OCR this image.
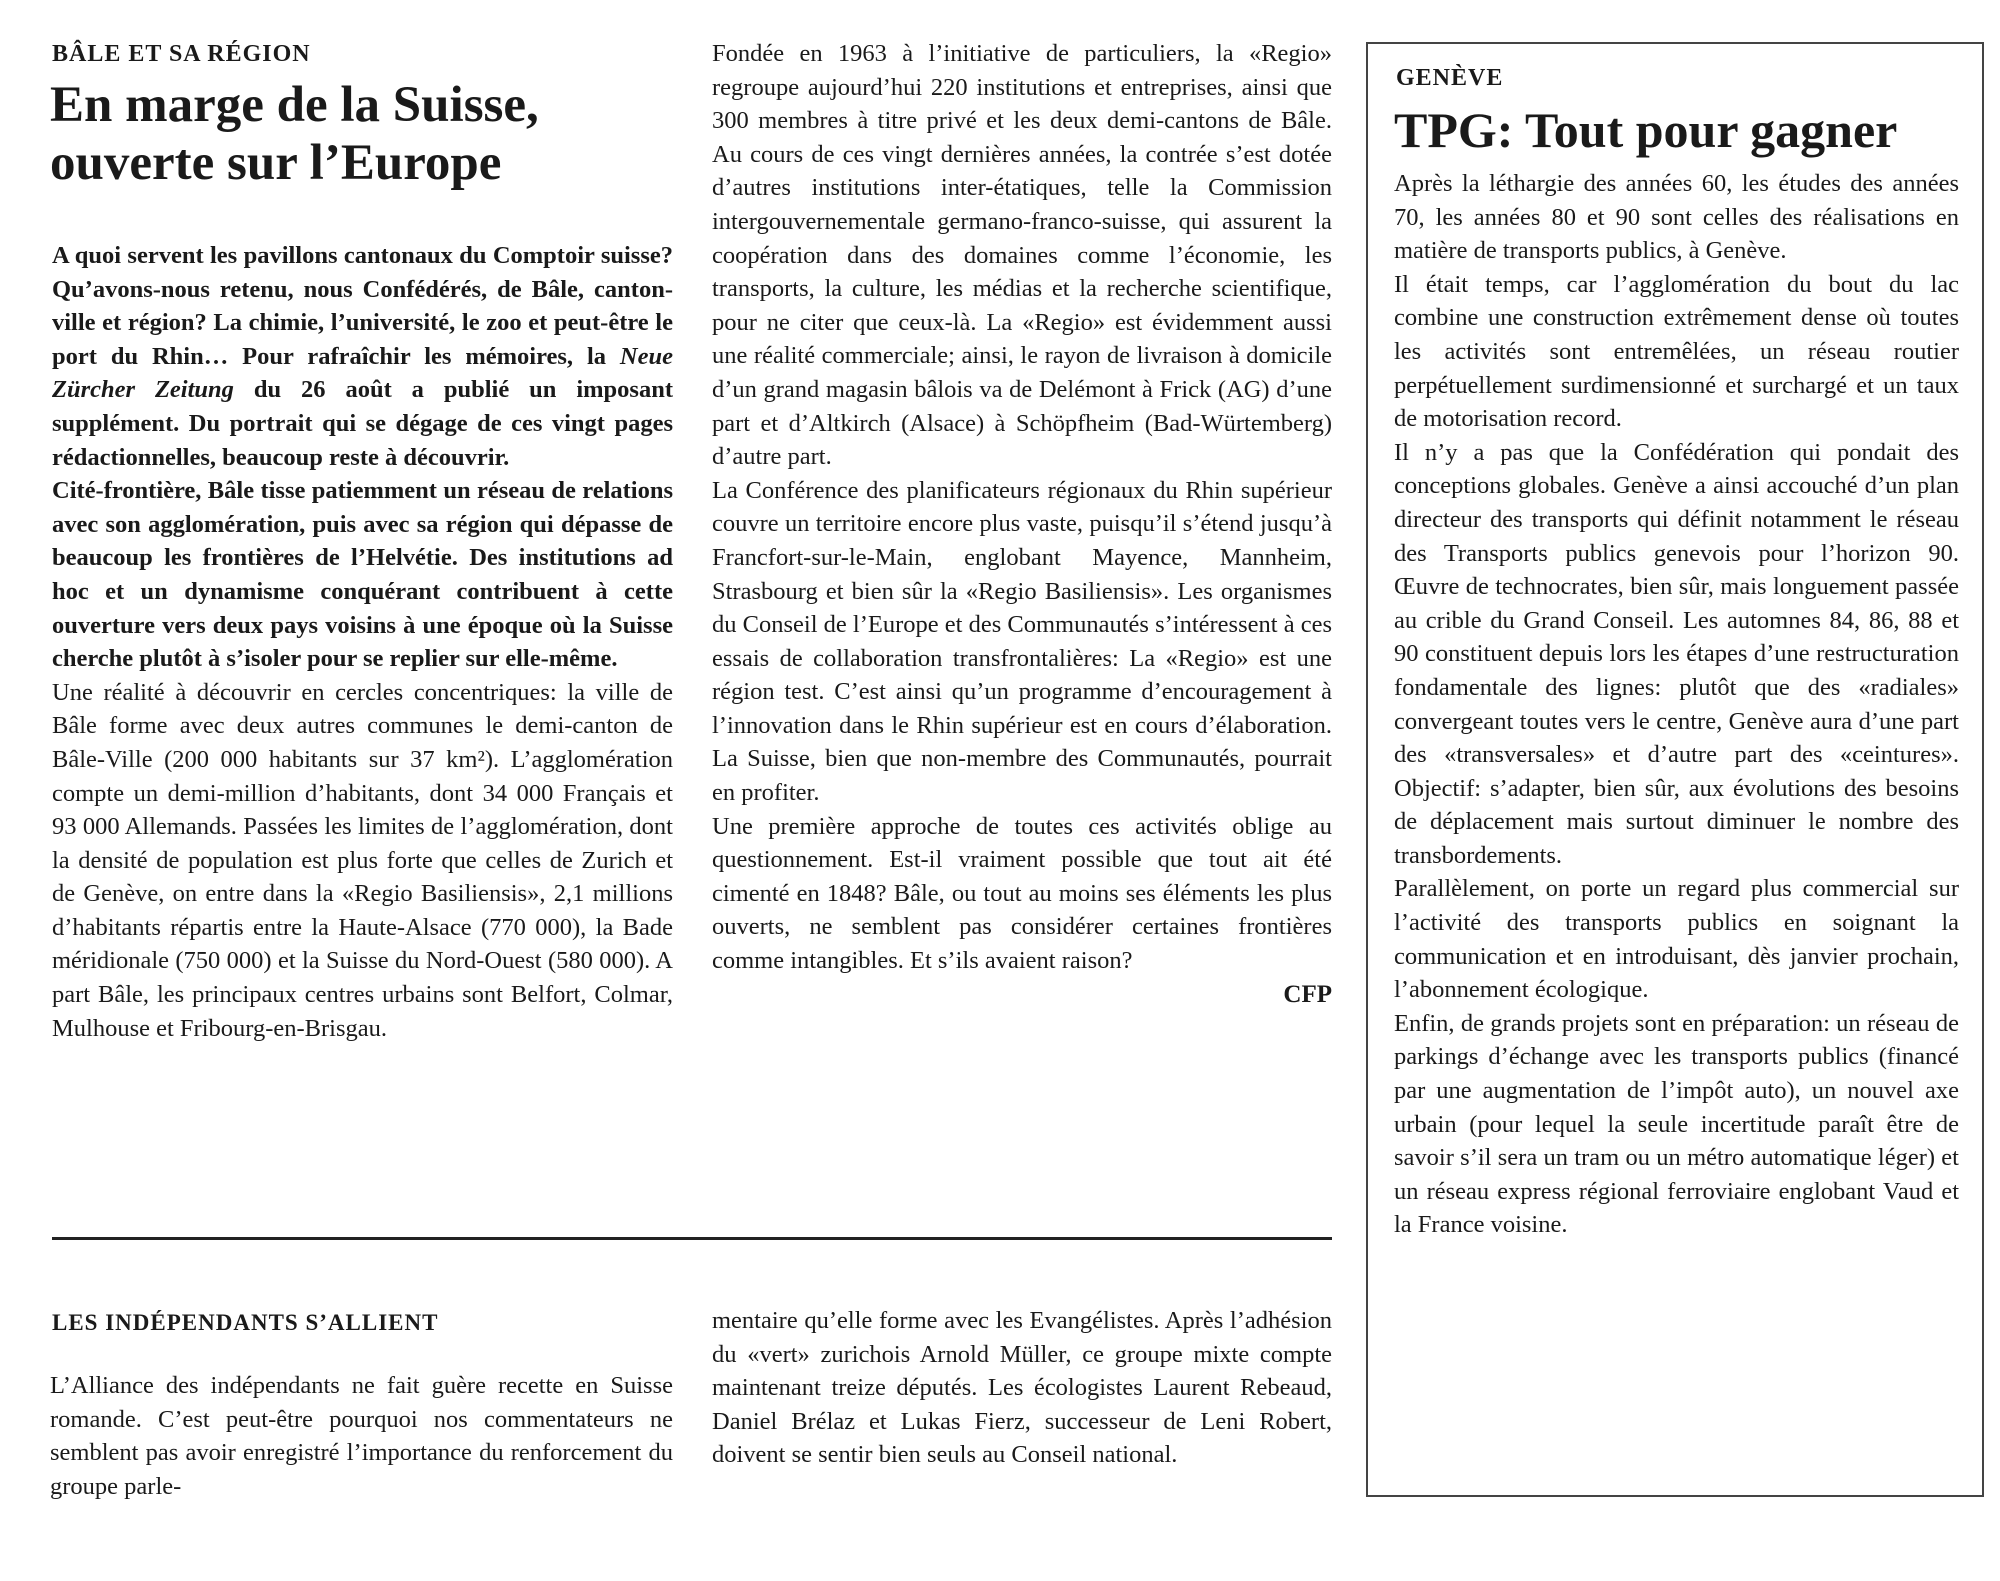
BÂLE ET SA RÉGION
En marge de la Suisse,
ouverte sur l’Europe

A quoi servent les pavillons cantonaux du Comptoir suisse? Qu’avons-nous retenu, nous Confédérés, de Bâle, canton-ville et région? La chimie, l’université, le zoo et peut-être le port du Rhin… Pour rafraîchir les mémoires, la Neue Zürcher Zeitung du 26 août a publié un imposant supplément. Du portrait qui se dégage de ces vingt pages rédactionnelles, beaucoup reste à découvrir.

Cité-frontière, Bâle tisse patiemment un réseau de relations avec son agglomération, puis avec sa région qui dépasse de beaucoup les frontières de l’Helvétie. Des institutions ad hoc et un dynamisme conquérant contribuent à cette ouverture vers deux pays voisins à une époque où la Suisse cherche plutôt à s’isoler pour se replier sur elle-même.

Une réalité à découvrir en cercles concentriques: la ville de Bâle forme avec deux autres communes le demi-canton de Bâle-Ville (200 000 habitants sur 37 km²). L’agglomération compte un demi-million d’habitants, dont 34 000 Français et 93 000 Allemands. Passées les limites de l’agglomération, dont la densité de population est plus forte que celles de Zurich et de Genève, on entre dans la «Regio Basiliensis», 2,1 millions d’habitants répartis entre la Haute-Alsace (770 000), la Bade méridionale (750 000) et la Suisse du Nord-Ouest (580 000). A part Bâle, les principaux centres urbains sont Belfort, Colmar, Mulhouse et Fribourg-en-Brisgau.

Fondée en 1963 à l’initiative de particuliers, la «Regio» regroupe aujourd’hui 220 institutions et entreprises, ainsi que 300 membres à titre privé et les deux demi-cantons de Bâle. Au cours de ces vingt dernières années, la contrée s’est dotée d’autres institutions inter-étatiques, telle la Commission intergouvernementale germano-franco-suisse, qui assurent la coopération dans des domaines comme l’économie, les transports, la culture, les médias et la recherche scientifique, pour ne citer que ceux-là. La «Regio» est évidemment aussi une réalité commerciale; ainsi, le rayon de livraison à domicile d’un grand magasin bâlois va de Delémont à Frick (AG) d’une part et d’Altkirch (Alsace) à Schöpfheim (Bad-Würtemberg) d’autre part.

La Conférence des planificateurs régionaux du Rhin supérieur couvre un territoire encore plus vaste, puisqu’il s’étend jusqu’à Francfort-sur-le-Main, englobant Mayence, Mannheim, Strasbourg et bien sûr la «Regio Basiliensis». Les organismes du Conseil de l’Europe et des Communautés s’intéressent à ces essais de collaboration transfrontalières: La «Regio» est une région test. C’est ainsi qu’un programme d’encouragement à l’innovation dans le Rhin supérieur est en cours d’élaboration. La Suisse, bien que non-membre des Communautés, pourrait en profiter.

Une première approche de toutes ces activités oblige au questionnement. Est-il vraiment possible que tout ait été cimenté en 1848? Bâle, ou tout au moins ses éléments les plus ouverts, ne semblent pas considérer certaines frontières comme intangibles. Et s’ils avaient raison?

CFP
LES INDÉPENDANTS S’ALLIENT

L’Alliance des indépendants ne fait guère recette en Suisse romande. C’est peut-être pourquoi nos commentateurs ne semblent pas avoir enregistré l’importance du renforcement du groupe parle-

mentaire qu’elle forme avec les Evangélistes. Après l’adhésion du «vert» zurichois Arnold Müller, ce groupe mixte compte maintenant treize députés. Les écologistes Laurent Rebeaud, Daniel Brélaz et Lukas Fierz, successeur de Leni Robert, doivent se sentir bien seuls au Conseil national.

GENÈVE
TPG: Tout pour gagner

Après la léthargie des années 60, les études des années 70, les années 80 et 90 sont celles des réalisations en matière de transports publics, à Genève.

Il était temps, car l’agglomération du bout du lac combine une construction extrêmement dense où toutes les activités sont entremêlées, un réseau routier perpétuellement surdimensionné et surchargé et un taux de motorisation record.

Il n’y a pas que la Confédération qui pondait des conceptions globales. Genève a ainsi accouché d’un plan directeur des transports qui définit notamment le réseau des Transports publics genevois pour l’horizon 90. Œuvre de technocrates, bien sûr, mais longuement passée au crible du Grand Conseil. Les automnes 84, 86, 88 et 90 constituent depuis lors les étapes d’une restructuration fondamentale des lignes: plutôt que des «radiales» convergeant toutes vers le centre, Genève aura d’une part des «transversales» et d’autre part des «ceintures». Objectif: s’adapter, bien sûr, aux évolutions des besoins de déplacement mais surtout diminuer le nombre des transbordements.

Parallèlement, on porte un regard plus commercial sur l’activité des transports publics en soignant la communication et en introduisant, dès janvier prochain, l’abonnement écologique.

Enfin, de grands projets sont en préparation: un réseau de parkings d’échange avec les transports publics (financé par une augmentation de l’impôt auto), un nouvel axe urbain (pour lequel la seule incertitude paraît être de savoir s’il sera un tram ou un métro automatique léger) et un réseau express régional ferroviaire englobant Vaud et la France voisine.
